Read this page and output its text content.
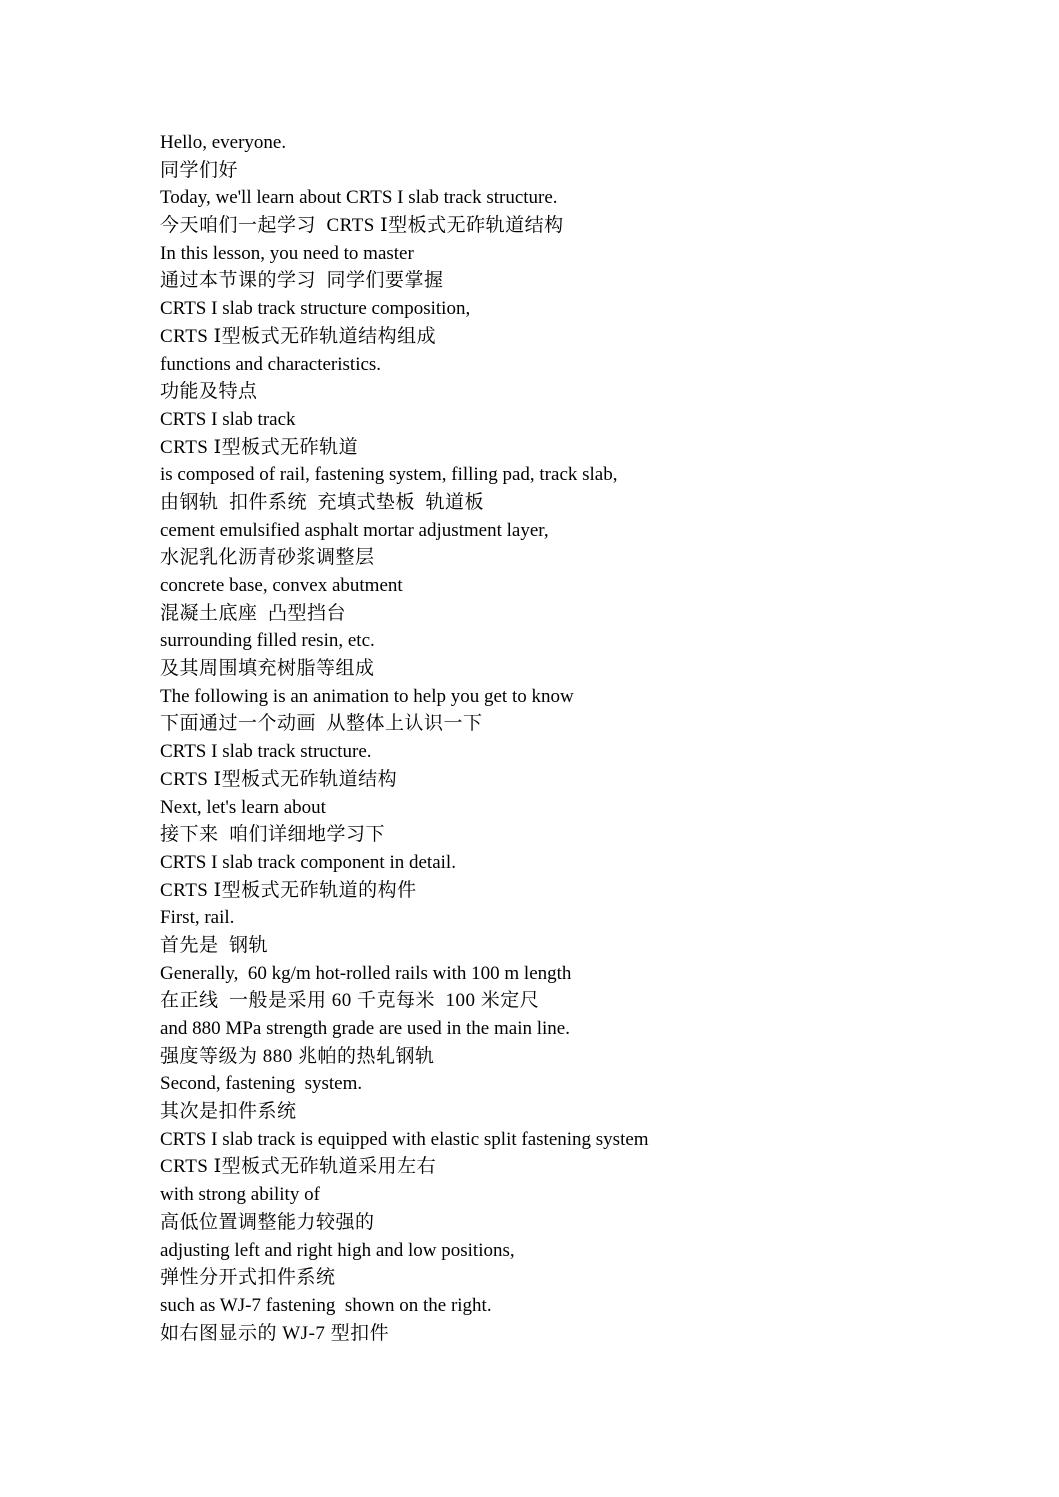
Hello, everyone.
同学们好
Today, we'll learn about CRTS I slab track structure.
今天咱们一起学习  CRTS Ⅰ型板式无砟轨道结构
In this lesson, you need to master
通过本节课的学习  同学们要掌握
CRTS I slab track structure composition,
CRTS Ⅰ型板式无砟轨道结构组成
functions and characteristics.
功能及特点
CRTS I slab track
CRTS Ⅰ型板式无砟轨道
is composed of rail, fastening system, filling pad, track slab,
由钢轨  扣件系统  充填式垫板  轨道板
cement emulsified asphalt mortar adjustment layer,
水泥乳化沥青砂浆调整层
concrete base, convex abutment
混凝土底座  凸型挡台
surrounding filled resin, etc.
及其周围填充树脂等组成
The following is an animation to help you get to know
下面通过一个动画  从整体上认识一下
CRTS I slab track structure.
CRTS Ⅰ型板式无砟轨道结构
Next, let's learn about
接下来  咱们详细地学习下
CRTS I slab track component in detail.
CRTS Ⅰ型板式无砟轨道的构件
First, rail.
首先是  钢轨
Generally,  60 kg/m hot-rolled rails with 100 m length
在正线  一般是采用 60 千克每米  100 米定尺
and 880 MPa strength grade are used in the main line.
强度等级为 880 兆帕的热轧钢轨
Second, fastening  system.
其次是扣件系统
CRTS I slab track is equipped with elastic split fastening system
CRTS Ⅰ型板式无砟轨道采用左右
with strong ability of
高低位置调整能力较强的
adjusting left and right high and low positions,
弹性分开式扣件系统
such as WJ-7 fastening  shown on the right.
如右图显示的 WJ-7 型扣件
